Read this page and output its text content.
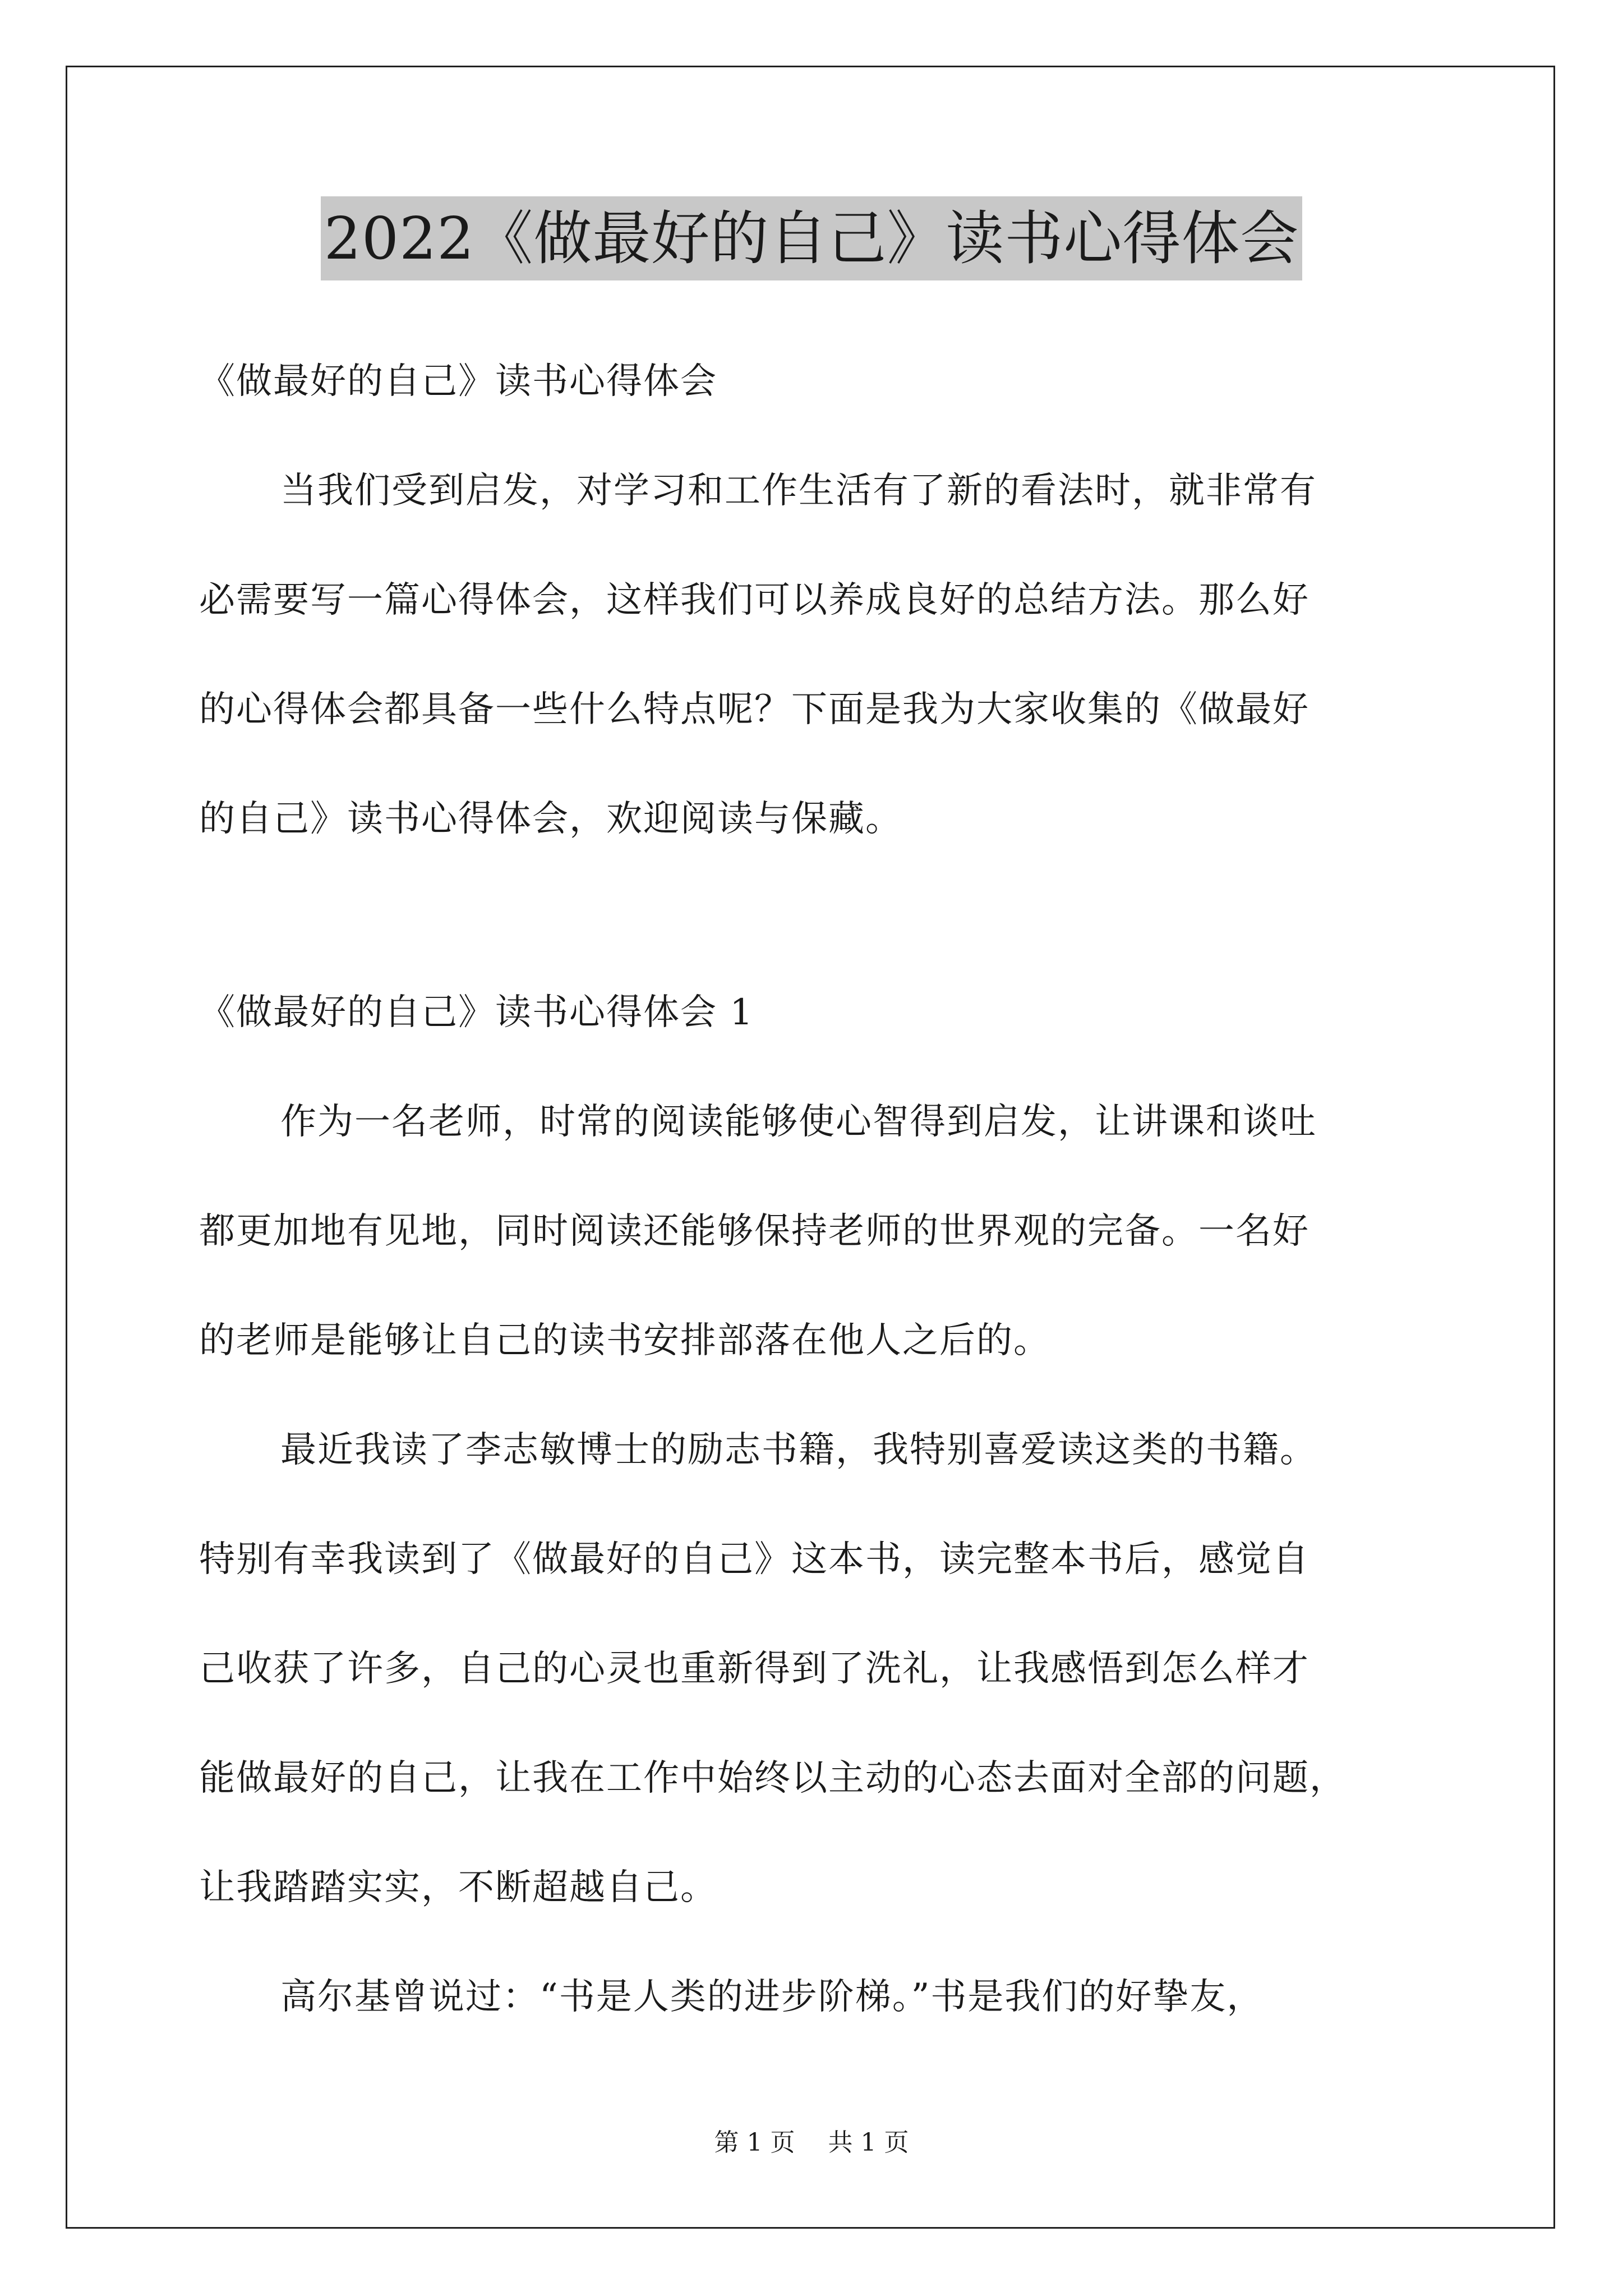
2022《做最好的自己》读书心得体会
《做最好的自己》读书心得体会
当我们受到启发，对学习和工作生活有了新的看法时，就非常有
必需要写一篇心得体会，这样我们可以养成良好的总结方法。那么好
的心得体会都具备一些什么特点呢？下面是我为大家收集的《做最好
的自己》读书心得体会，欢迎阅读与保藏。
《做最好的自己》读书心得体会 1
作为一名老师，时常的阅读能够使心智得到启发，让讲课和谈吐
都更加地有见地，同时阅读还能够保持老师的世界观的完备。一名好
的老师是能够让自己的读书安排部落在他人之后的。
最近我读了李志敏博士的励志书籍，我特别喜爱读这类的书籍。
特别有幸我读到了《做最好的自己》这本书，读完整本书后，感觉自
己收获了许多，自己的心灵也重新得到了洗礼，让我感悟到怎么样才
能做最好的自己，让我在工作中始终以主动的心态去面对全部的问题，
让我踏踏实实，不断超越自己。
高尔基曾说过：“书是人类的进步阶梯。”书是我们的好挚友，
第 1 页 共 1 页
